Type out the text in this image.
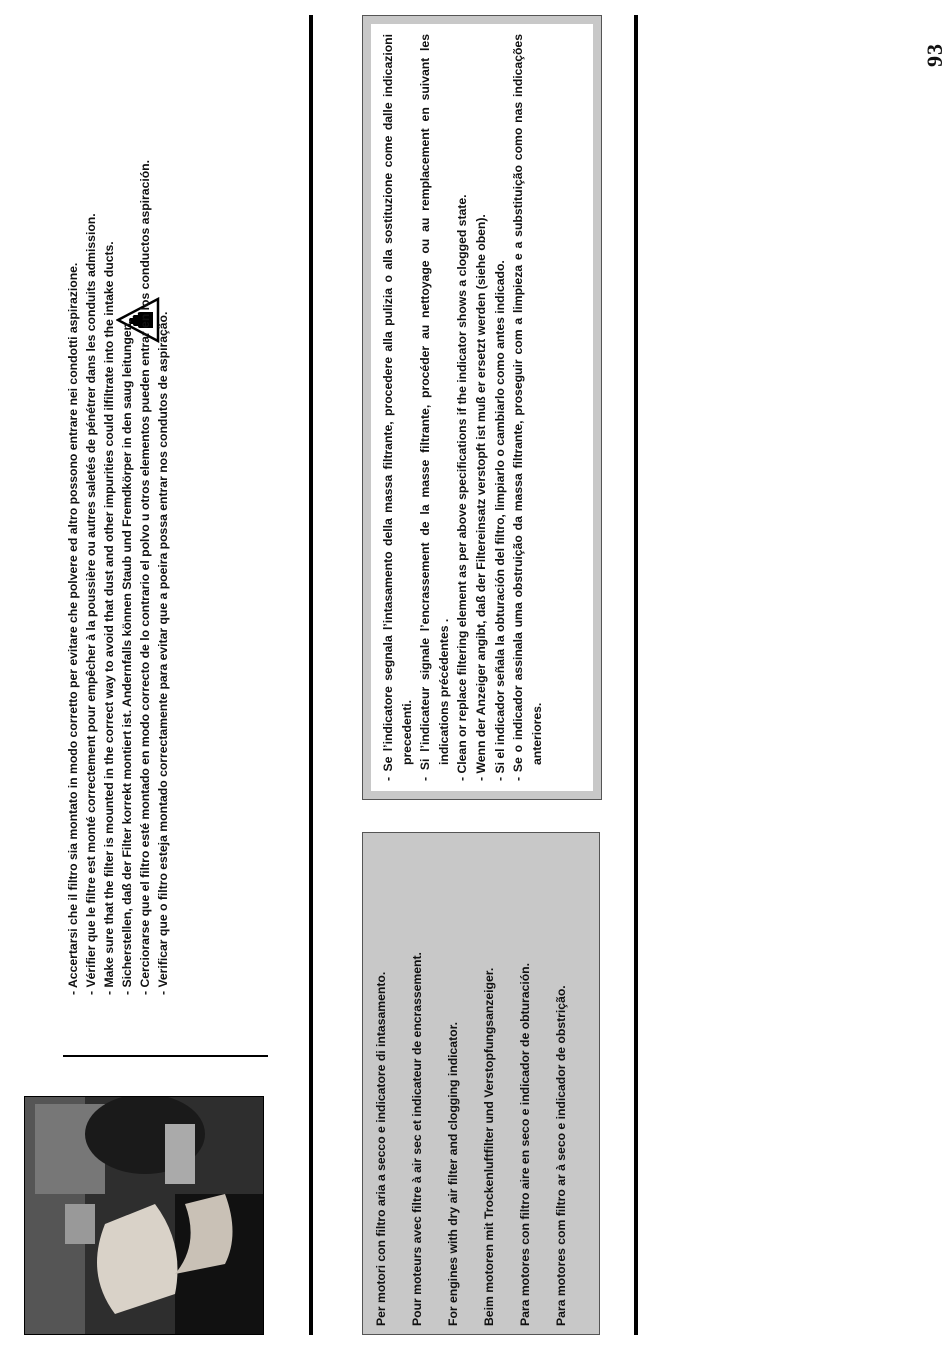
93
- Accertarsi che il filtro sia montato in modo corretto per evitare che polvere ed altro possono entrare nei condotti aspirazione. - Vérifier que le filtre est monté correctement pour empêcher à la poussière ou autres saletés de pénétrer dans les conduits admission. - Make sure that the filter is mounted in the correct way to avoid that dust and other impurities could ilfiltrate into the intake ducts. - Sicherstellen, daß der Filter korrekt montiert ist. Andernfalls können Staub und Fremdkörper in den saug leitungen. - Cerciorarse que el filtro esté montado en modo correcto de lo contrario el polvo u otros elementos pueden entrar en los conductos aspiración. - Verificar que o filtro esteja montado correctamente para evitar que a poeira possa entrar nos condutos de aspiração.

Per motori con filtro aria a secco e indicatore di intasamento. Pour moteurs avec filtre à air sec et indicateur de encrassement. For engines with dry air filter and clogging indicator. Beim motoren mit Trockenluftfilter und Verstopfungsanzeiger. Para motores con filtro aire en seco e indicador de obturación. Para motores com filtro ar à seco e indicador de obstrição.

- Se l’indicatore segnala l’intasamento della massa filtrante, procedere alla pulizia o alla sostituzione come dalle indicazioni precedenti. - Si l’indicateur signale l’encrassement de la masse filtrante, procéder au nettoyage ou au remplacement en suivant les indications précédentes . - Clean or replace filtering element as per above specifications if the indicator shows a clogged state. - Wenn der Anzeiger angibt, daß der Filtereinsatz verstopft ist muß er ersetzt werden (siehe oben). - Si el indicador señala la obturación del filtro, limpiarlo o cambiarlo como antes indicado. - Se o indicador assinala uma obstruição da massa filtrante, proseguir com a limpieza e a substituição como nas indicações anteriores.
